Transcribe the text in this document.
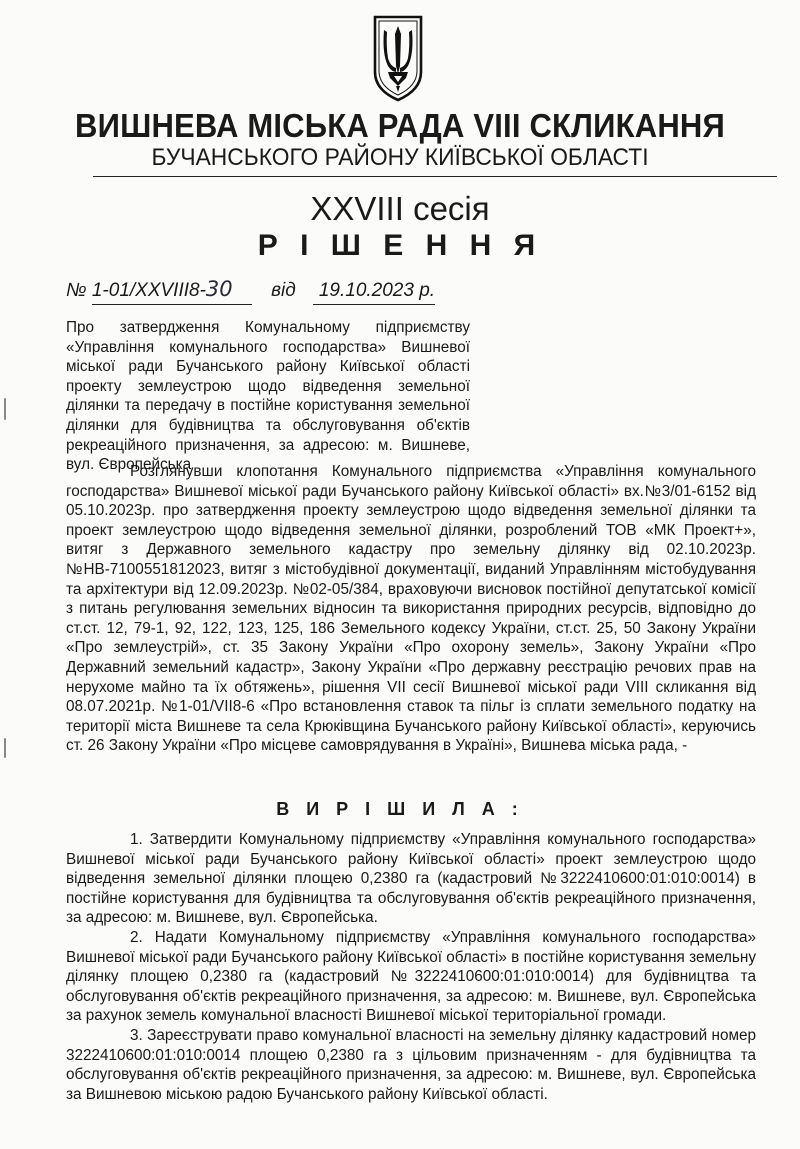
ВИШНЕВА МІСЬКА РАДА VIII СКЛИКАННЯ
БУЧАНСЬКОГО РАЙОНУ КИЇВСЬКОЇ ОБЛАСТІ
XXVIII сесія
Р І Ш Е Н Н Я
№ 1-01/XXVIII8-30 від 19.10.2023 р.
Про затвердження Комунальному підприємству «Управління комунального господарства» Вишневої міської ради Бучанського району Київської області проекту землеустрою щодо відведення земельної ділянки та передачу в постійне користування земельної ділянки для будівництва та обслуговування об'єктів рекреаційного призначення, за адресою: м. Вишневе, вул. Європейська
Розглянувши клопотання Комунального підприємства «Управління комунального господарства» Вишневої міської ради Бучанського району Київської області» вх.№3/01-6152 від 05.10.2023р. про затвердження проекту землеустрою щодо відведення земельної ділянки та проект землеустрою щодо відведення земельної ділянки, розроблений ТОВ «МК Проект+», витяг з Державного земельного кадастру про земельну ділянку від 02.10.2023р. №НВ-7100551812023, витяг з містобудівної документації, виданий Управлінням містобудування та архітектури від 12.09.2023р. №02-05/384, враховуючи висновок постійної депутатської комісії з питань регулювання земельних відносин та використання природних ресурсів, відповідно до ст.ст. 12, 79-1, 92, 122, 123, 125, 186 Земельного кодексу України, ст.ст. 25, 50 Закону України «Про землеустрій», ст. 35 Закону України «Про охорону земель», Закону України «Про Державний земельний кадастр», Закону України «Про державну реєстрацію речових прав на нерухоме майно та їх обтяжень», рішення VII сесії Вишневої міської ради VIII скликання від 08.07.2021р. №1-01/VII8-6 «Про встановлення ставок та пільг із сплати земельного податку на території міста Вишневе та села Крюківщина Бучанського району Київської області», керуючись ст. 26 Закону України «Про місцеве самоврядування в Україні», Вишнева міська рада, -
В И Р І Ш И Л А :

1. Затвердити Комунальному підприємству «Управління комунального господарства» Вишневої міської ради Бучанського району Київської області» проект землеустрою щодо відведення земельної ділянки площею 0,2380 га (кадастровий №3222410600:01:010:0014) в постійне користування для будівництва та обслуговування об'єктів рекреаційного призначення, за адресою: м. Вишневе, вул. Європейська.

2. Надати Комунальному підприємству «Управління комунального господарства» Вишневої міської ради Бучанського району Київської області» в постійне користування земельну ділянку площею 0,2380 га (кадастровий №3222410600:01:010:0014) для будівництва та обслуговування об'єктів рекреаційного призначення, за адресою: м. Вишневе, вул. Європейська за рахунок земель комунальної власності Вишневої міської територіальної громади.

3. Зареєструвати право комунальної власності на земельну ділянку кадастровий номер 3222410600:01:010:0014 площею 0,2380 га з цільовим призначенням - для будівництва та обслуговування об'єктів рекреаційного призначення, за адресою: м. Вишневе, вул. Європейська за Вишневою міською радою Бучанського району Київської області.
